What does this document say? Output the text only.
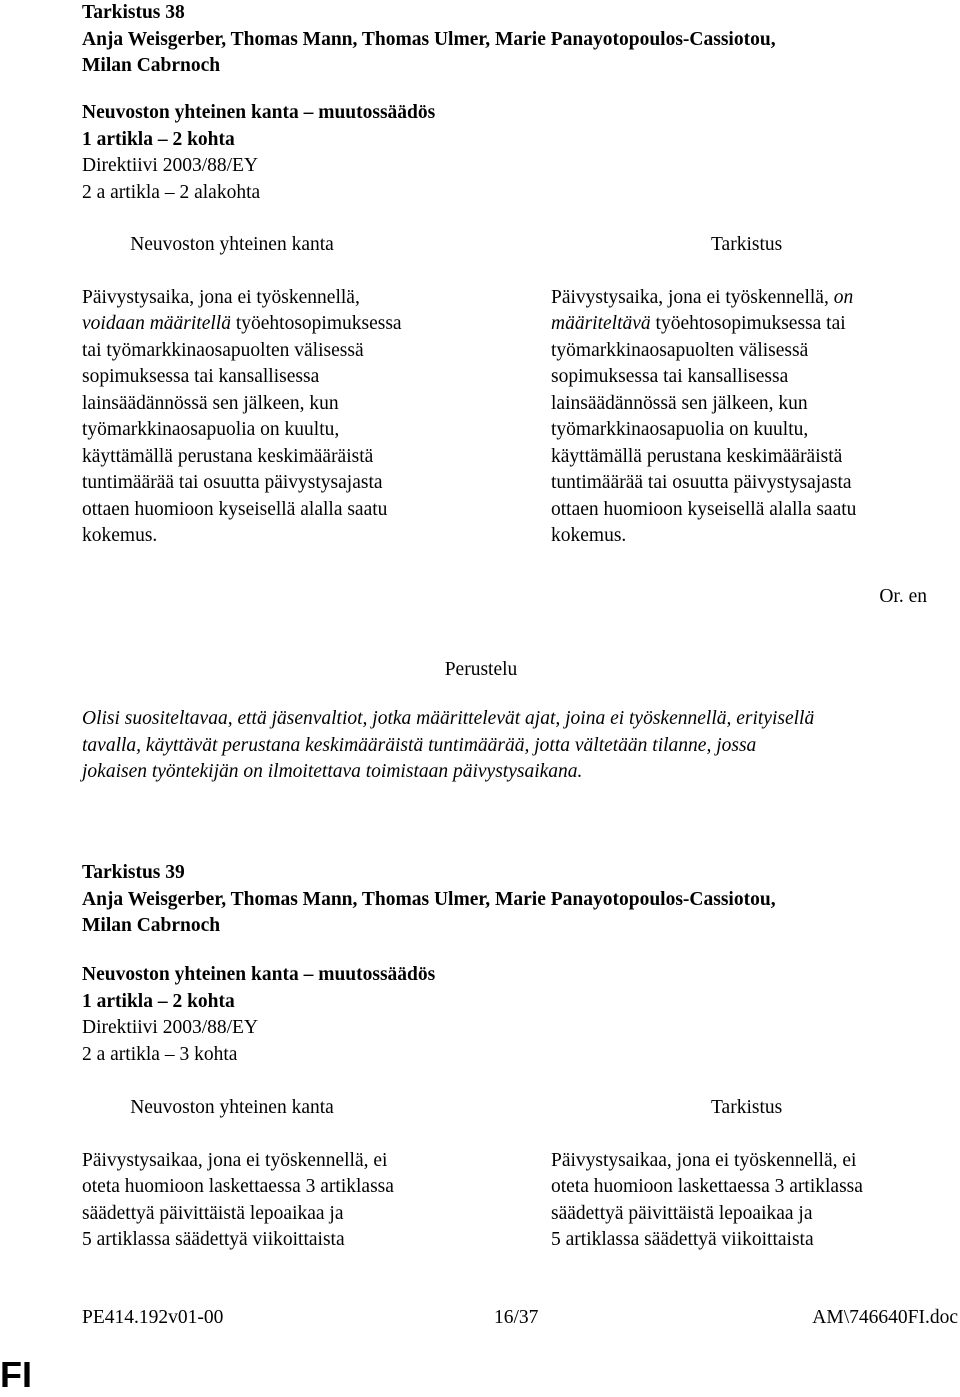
Tarkistus 38
Anja Weisgerber, Thomas Mann, Thomas Ulmer, Marie Panayotopoulos-Cassiotou,
Milan Cabrnoch
Neuvoston yhteinen kanta – muutossäädös
1 artikla – 2 kohta
Direktiivi 2003/88/EY
2 a artikla – 2 alakohta
Neuvoston yhteinen kanta
Päivystysaika, jona ei työskennellä,
voidaan määritellä työehtosopimuksessa
tai työmarkkinaosapuolten välisessä
sopimuksessa tai kansallisessa
lainsäädännössä sen jälkeen, kun
työmarkkinaosapuolia on kuultu,
käyttämällä perustana keskimääräistä
tuntimäärää tai osuutta päivystysajasta
ottaen huomioon kyseisellä alalla saatu
kokemus.
Tarkistus
Päivystysaika, jona ei työskennellä, on
määriteltävä työehtosopimuksessa tai
työmarkkinaosapuolten välisessä
sopimuksessa tai kansallisessa
lainsäädännössä sen jälkeen, kun
työmarkkinaosapuolia on kuultu,
käyttämällä perustana keskimääräistä
tuntimäärää tai osuutta päivystysajasta
ottaen huomioon kyseisellä alalla saatu
kokemus.
Or. en
Perustelu
Olisi suositeltavaa, että jäsenvaltiot, jotka määrittelevät ajat, joina ei työskennellä, erityisellä
tavalla, käyttävät perustana keskimääräistä tuntimäärää, jotta vältetään tilanne, jossa
jokaisen työntekijän on ilmoitettava toimistaan päivystysaikana.
Tarkistus 39
Anja Weisgerber, Thomas Mann, Thomas Ulmer, Marie Panayotopoulos-Cassiotou,
Milan Cabrnoch
Neuvoston yhteinen kanta – muutossäädös
1 artikla – 2 kohta
Direktiivi 2003/88/EY
2 a artikla – 3 kohta
Neuvoston yhteinen kanta
Päivystysaikaa, jona ei työskennellä, ei
oteta huomioon laskettaessa 3 artiklassa
säädettyä päivittäistä lepoaikaa ja
5 artiklassa säädettyä viikoittaista
Tarkistus
Päivystysaikaa, jona ei työskennellä, ei
oteta huomioon laskettaessa 3 artiklassa
säädettyä päivittäistä lepoaikaa ja
5 artiklassa säädettyä viikoittaista
PE414.192v01-00	16/37	AM\746640FI.doc
FI
